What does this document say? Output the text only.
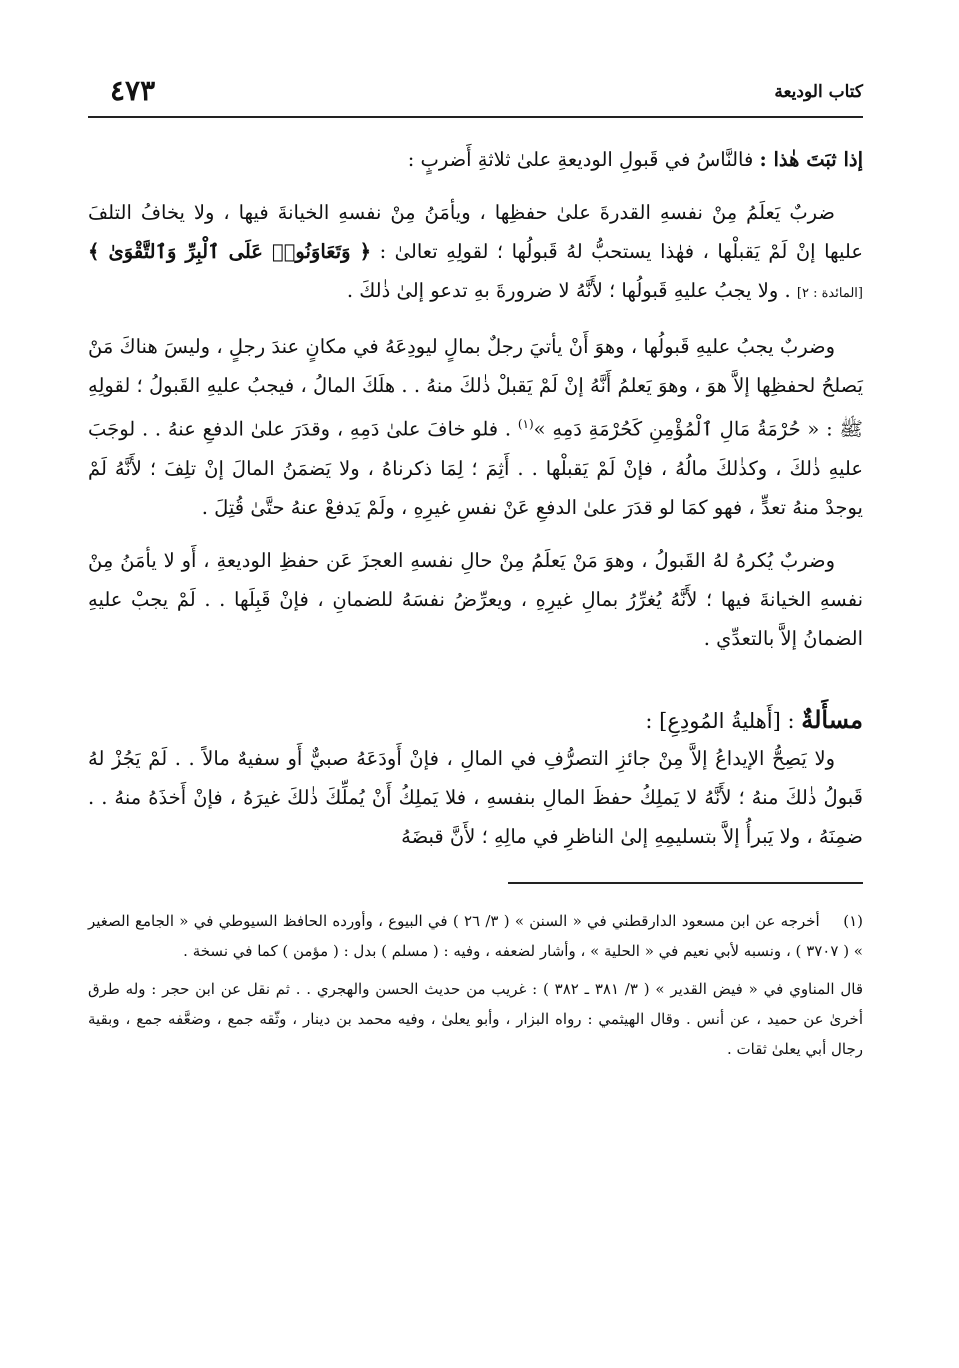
كتاب الوديعة
٤٧٣

إذا ثبَتَ هٰذا : فالنَّاسُ في قَبولِ الوديعةِ علىٰ ثلاثةِ أَضربٍ :

ضربٌ يَعلَمُ مِنْ نفسهِ القدرةَ علىٰ حفظِها ، ويأمَنُ مِنْ نفسهِ الخيانةَ فيها ، ولا يخافُ التلفَ عليها إنْ لَمْ يَقبلْها ، فهٰذا يستحبُّ لهُ قَبولُها ؛ لقولِهِ تعالىٰ : ﴿ وَتَعَاوَنُوا۟ عَلَى ٱلْبِرِّ وَٱلتَّقْوَىٰ ﴾ [المائدة : ٢] . ولا يجبُ عليهِ قَبولُها ؛ لأَنَّهُ لا ضرورةَ بهِ تدعو إلىٰ ذٰلكَ .

وضربٌ يجبُ عليهِ قَبولُها ، وهوَ أَنْ يأتيَ رجلٌ بمالٍ ليودِعَهُ في مكانٍ عندَ رجلٍ ، وليسَ هناكَ مَنْ يَصلحُ لحفظِها إلاَّ هوَ ، وهوَ يَعلمُ أَنَّهُ إنْ لَمْ يَقبلْ ذٰلكَ منهُ . . هلَكَ المالُ ، فيجبُ عليهِ القَبولُ ؛ لقولِهِ ﷺ : « حُرْمَةُ مَالِ ٱلْمُؤْمِنِ كَحُرْمَةِ دَمِهِ »$^{(١)}$ . فلو خافَ علىٰ دَمِهِ ، وقدَرَ علىٰ الدفعِ عنهُ . . لوجَبَ عليهِ ذٰلكَ ، وكذٰلكَ مالُهُ ، فإنْ لَمْ يَقبلْها . . أَثِمَ ؛ لِمَا ذكرناهُ ، ولا يَضمَنُ المالَ إنْ تلِفَ ؛ لأَنَّهُ لَمْ يوجدْ منهُ تعدٍّ ، فهو كمَا لو قدَرَ علىٰ الدفعِ عَنْ نفسِ غيرِهِ ، ولَمْ يَدفعْ عنهُ حتَّىٰ قُتِلَ .

وضربٌ يُكرهُ لهُ القَبولُ ، وهوَ مَنْ يَعلَمُ مِنْ حالِ نفسهِ العجزَ عَن حفظِ الوديعةِ ، أَو لا يأمَنُ مِنْ نفسهِ الخيانةَ فيها ؛ لأَنَّهُ يُغرِّرُ بمالِ غيرِهِ ، ويعرِّضُ نفسَهُ للضمانِ ، فإنْ قَبِلَها . . لَمْ يجبْ عليهِ الضمانُ إلاَّ بالتعدِّي .

مسأَلةٌ : [أَهليةُ المُودِعِ] :

ولا يَصِحُّ الإيداعُ إلاَّ مِنْ جائزِ التصرُّفِ في المالِ ، فإنْ أَودَعَهُ صبيٌّ أَو سفيهٌ مالاً . . لَمْ يَجُزْ لهُ قَبولُ ذٰلكَ منهُ ؛ لأَنَّهُ لا يَملِكُ حفظَ المالِ بنفسهِ ، فلا يَملِكُ أَنْ يُملِّكَ ذٰلكَ غيرَهُ ، فإنْ أَخذَهُ منهُ . . ضمِنَهُ ، ولا يَبرأُ إلاَّ بتسليمِهِ إلىٰ الناظرِ في مالِهِ ؛ لأَنَّ قبضَهُ

(١) أخرجه عن ابن مسعود الدارقطني في « السنن » ( ٣/ ٢٦ ) في البيوع ، وأورده الحافظ السيوطي في « الجامع الصغير » ( ٣٧٠٧ ) ، ونسبه لأبي نعيم في « الحلية » ، وأشار لضعفه ، وفيه : ( مسلم ) بدل : ( مؤمن ) كما في نسخة .

قال المناوي في « فيض القدير » ( ٣/ ٣٨١ ـ ٣٨٢ ) : غريب من حديث الحسن والهجري . . ثم نقل عن ابن حجر : وله طرق أخرىٰ عن حميد ، عن أنس . وقال الهيثمي : رواه البزار ، وأبو يعلىٰ ، وفيه محمد بن دينار ، وثّقه جمع ، وضعَّفه جمع ، وبقية رجال أبي يعلىٰ ثقات .
